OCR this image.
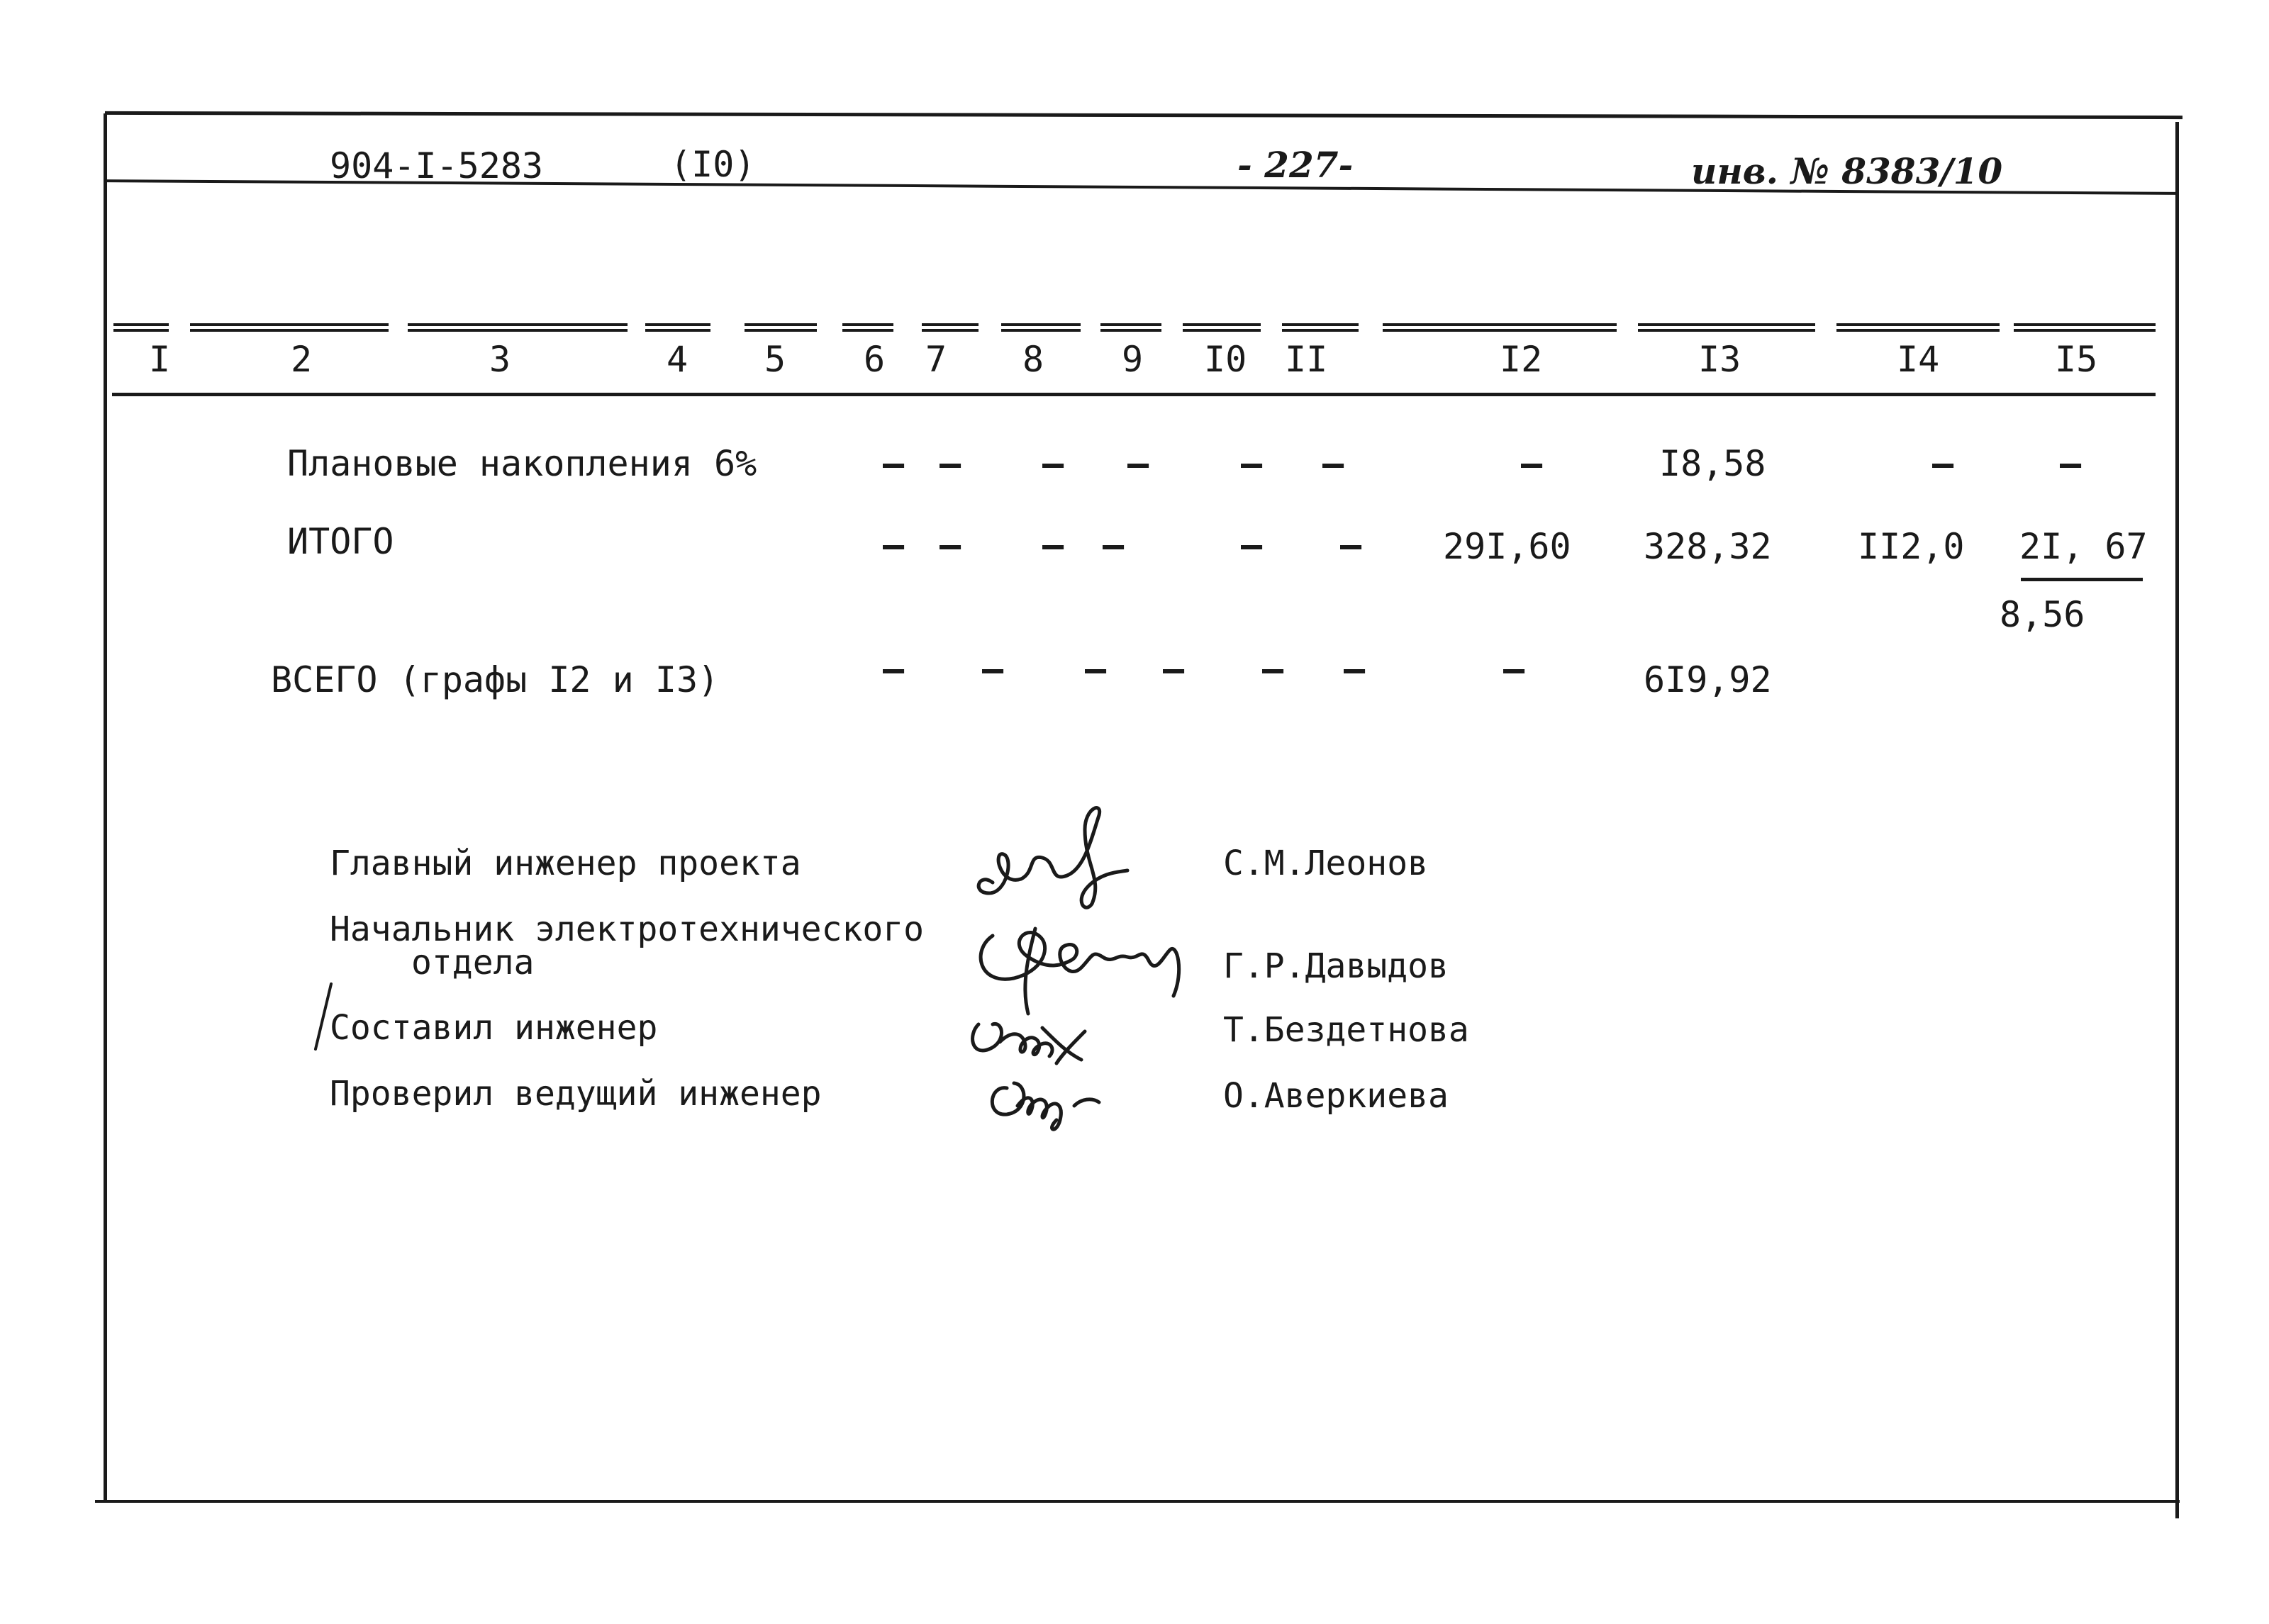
904-I-5283	(I0)	- 227-	инв. № 8383/10
I	2	3	4 5 6 7 8 9 I0 II	I2	I3	I4	I5
Плановые накопления 6%	– – – –	– –	–	I8,58	–	–
ИТОГО	– – – –	– – 29I,60 328,32 II2,0 2I, 67
8,56
ВСЕГО (графы I2 и I3)	– – – – – –	–	6I9,92
Главный инженер проекта	С.М.Леонов
Начальник электротехнического
отдела	Г.Р.Давыдов
Составил инженер	Т.Бездетнова
Проверил ведущий инженер	О.Аверкиева
